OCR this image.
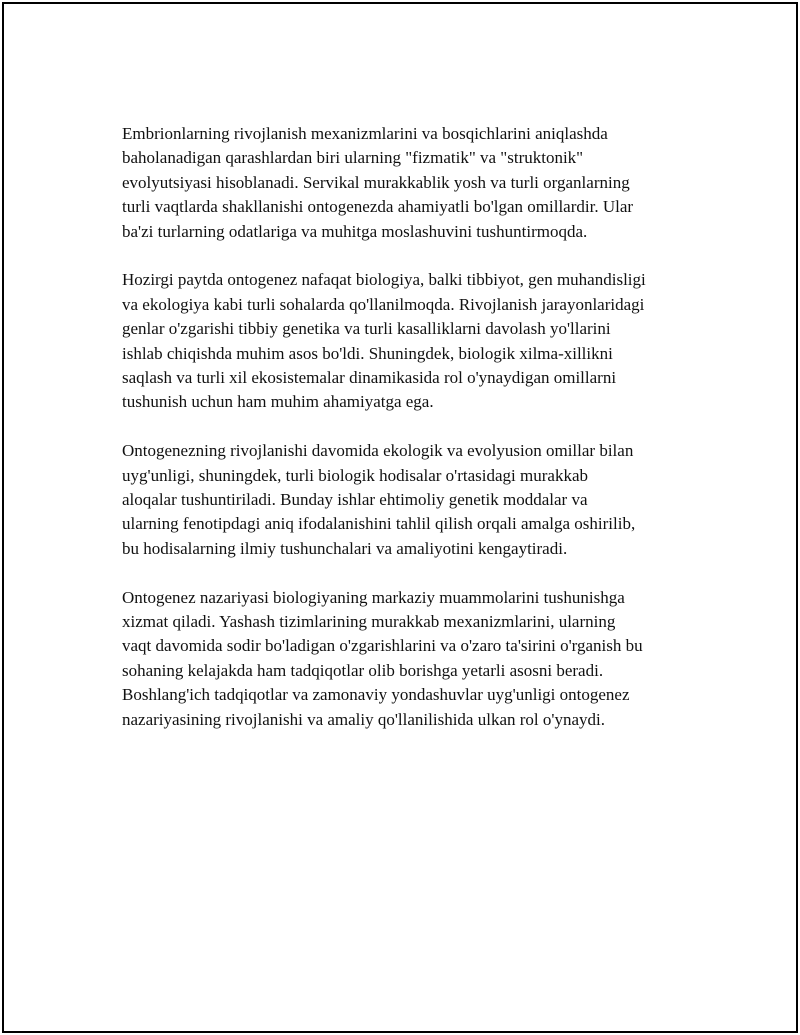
Embrionlarning rivojlanish mexanizmlarini va bosqichlarini aniqlashda
baholanadigan qarashlardan biri ularning "fizmatik" va "struktonik"
evolyutsiyasi hisoblanadi. Servikal murakkablik yosh va turli organlarning
turli vaqtlarda shakllanishi ontogenezda ahamiyatli bo'lgan omillardir. Ular
ba'zi turlarning odatlariga va muhitga moslashuvini tushuntirmoqda.

Hozirgi paytda ontogenez nafaqat biologiya, balki tibbiyot, gen muhandisligi
va ekologiya kabi turli sohalarda qo'llanilmoqda. Rivojlanish jarayonlaridagi
genlar o'zgarishi tibbiy genetika va turli kasalliklarni davolash yo'llarini
ishlab chiqishda muhim asos bo'ldi. Shuningdek, biologik xilma-xillikni
saqlash va turli xil ekosistemalar dinamikasida rol o'ynaydigan omillarni
tushunish uchun ham muhim ahamiyatga ega.

Ontogenezning rivojlanishi davomida ekologik va evolyusion omillar bilan
uyg'unligi, shuningdek, turli biologik hodisalar o'rtasidagi murakkab
aloqalar tushuntiriladi. Bunday ishlar ehtimoliy genetik moddalar va
ularning fenotipdagi aniq ifodalanishini tahlil qilish orqali amalga oshirilib,
bu hodisalarning ilmiy tushunchalari va amaliyotini kengaytiradi.

Ontogenez nazariyasi biologiyaning markaziy muammolarini tushunishga
xizmat qiladi. Yashash tizimlarining murakkab mexanizmlarini, ularning
vaqt davomida sodir bo'ladigan o'zgarishlarini va o'zaro ta'sirini o'rganish bu
sohaning kelajakda ham tadqiqotlar olib borishga yetarli asosni beradi.
Boshlang'ich tadqiqotlar va zamonaviy yondashuvlar uyg'unligi ontogenez
nazariyasining rivojlanishi va amaliy qo'llanilishida ulkan rol o'ynaydi.
